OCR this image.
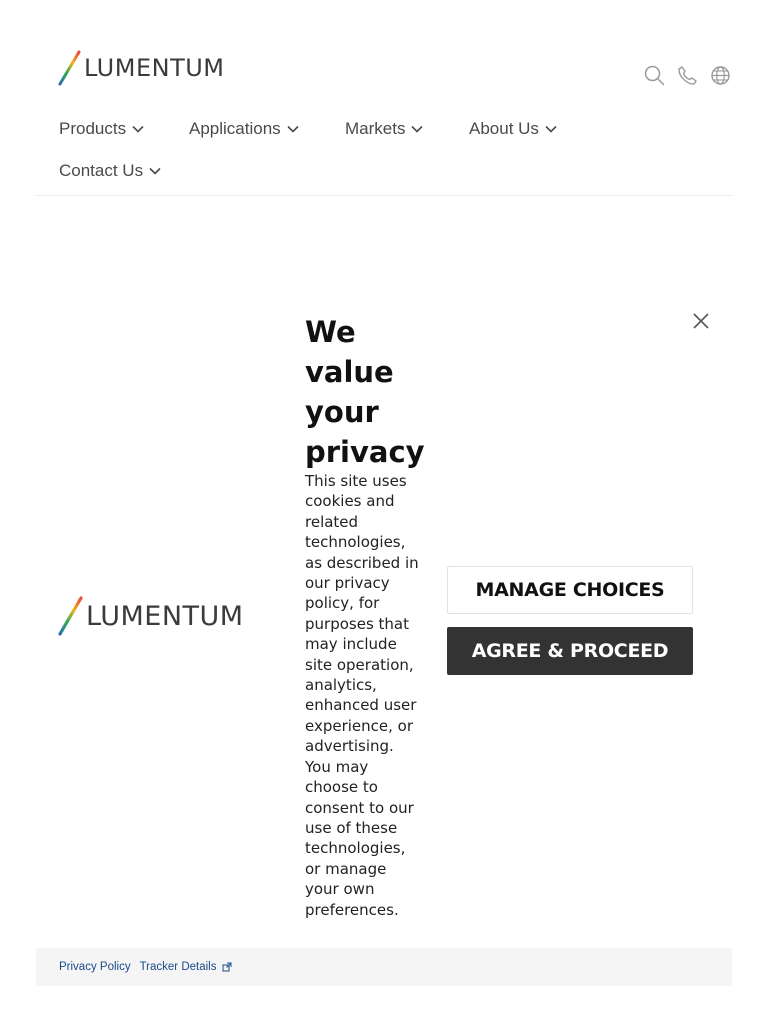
LUMENTUM
Products	Applications	Markets	About Us
Contact Us
LUMENTUM
We value your privacy

This site uses cookies and related technologies, as described in our privacy policy, for purposes that may include site operation, analytics, enhanced user experience, or advertising. You may choose to consent to our use of these technologies, or manage your own preferences.

MANAGE CHOICES
AGREE & PROCEED
Privacy Policy Tracker Details
